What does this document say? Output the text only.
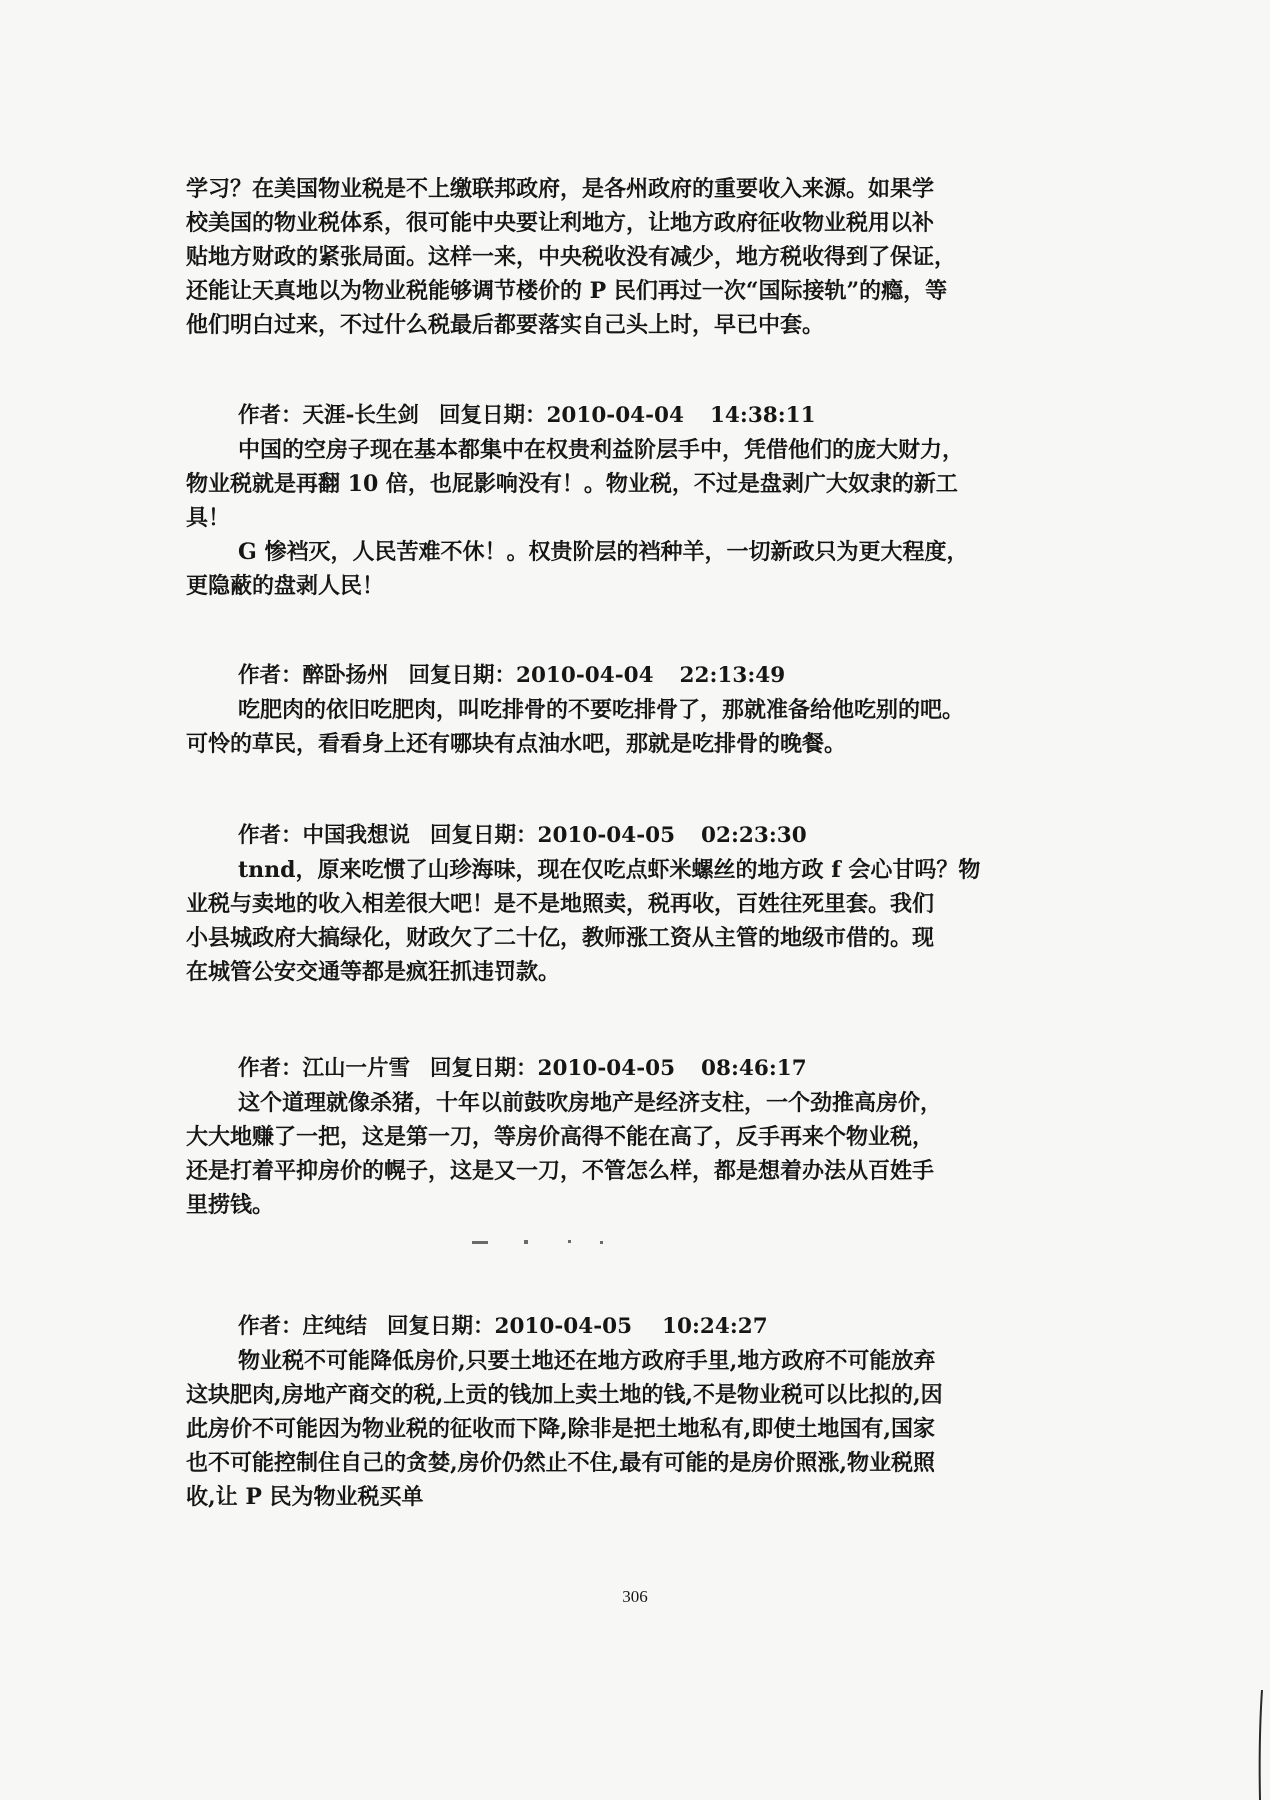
学习？在美国物业税是不上缴联邦政府，是各州政府的重要收入来源。如果学
校美国的物业税体系，很可能中央要让利地方，让地方政府征收物业税用以补
贴地方财政的紧张局面。这样一来，中央税收没有减少，地方税收得到了保证，
还能让天真地以为物业税能够调节楼价的 P 民们再过一次“国际接轨”的瘾，等
他们明白过来，不过什么税最后都要落实自己头上时，早已中套。
作者：天涯-长生剑 回复日期：2010-04-04 14:38:11
中国的空房子现在基本都集中在权贵利益阶层手中，凭借他们的庞大财力，
物业税就是再翻 10 倍，也屁影响没有！。物业税，不过是盘剥广大奴隶的新工
具！
G 惨裆灭，人民苦难不休！。权贵阶层的裆种羊，一切新政只为更大程度，
更隐蔽的盘剥人民！
作者：醉卧扬州 回复日期：2010-04-04 22:13:49
吃肥肉的依旧吃肥肉，叫吃排骨的不要吃排骨了，那就准备给他吃别的吧。
可怜的草民，看看身上还有哪块有点油水吧，那就是吃排骨的晚餐。
作者：中国我想说 回复日期：2010-04-05 02:23:30
tnnd，原来吃惯了山珍海味，现在仅吃点虾米螺丝的地方政 f 会心甘吗？物
业税与卖地的收入相差很大吧！是不是地照卖，税再收，百姓往死里套。我们
小县城政府大搞绿化，财政欠了二十亿，教师涨工资从主管的地级市借的。现
在城管公安交通等都是疯狂抓违罚款。
作者：江山一片雪 回复日期：2010-04-05 08:46:17
这个道理就像杀猪，十年以前鼓吹房地产是经济支柱，一个劲推高房价，
大大地赚了一把，这是第一刀，等房价高得不能在高了，反手再来个物业税，
还是打着平抑房价的幌子，这是又一刀，不管怎么样，都是想着办法从百姓手
里捞钱。
作者：庄纯结 回复日期：2010-04-05 10:24:27
物业税不可能降低房价,只要土地还在地方政府手里,地方政府不可能放弃
这块肥肉,房地产商交的税,上贡的钱加上卖土地的钱,不是物业税可以比拟的,因
此房价不可能因为物业税的征收而下降,除非是把土地私有,即使土地国有,国家
也不可能控制住自己的贪婪,房价仍然止不住,最有可能的是房价照涨,物业税照
收,让 P 民为物业税买单
306
